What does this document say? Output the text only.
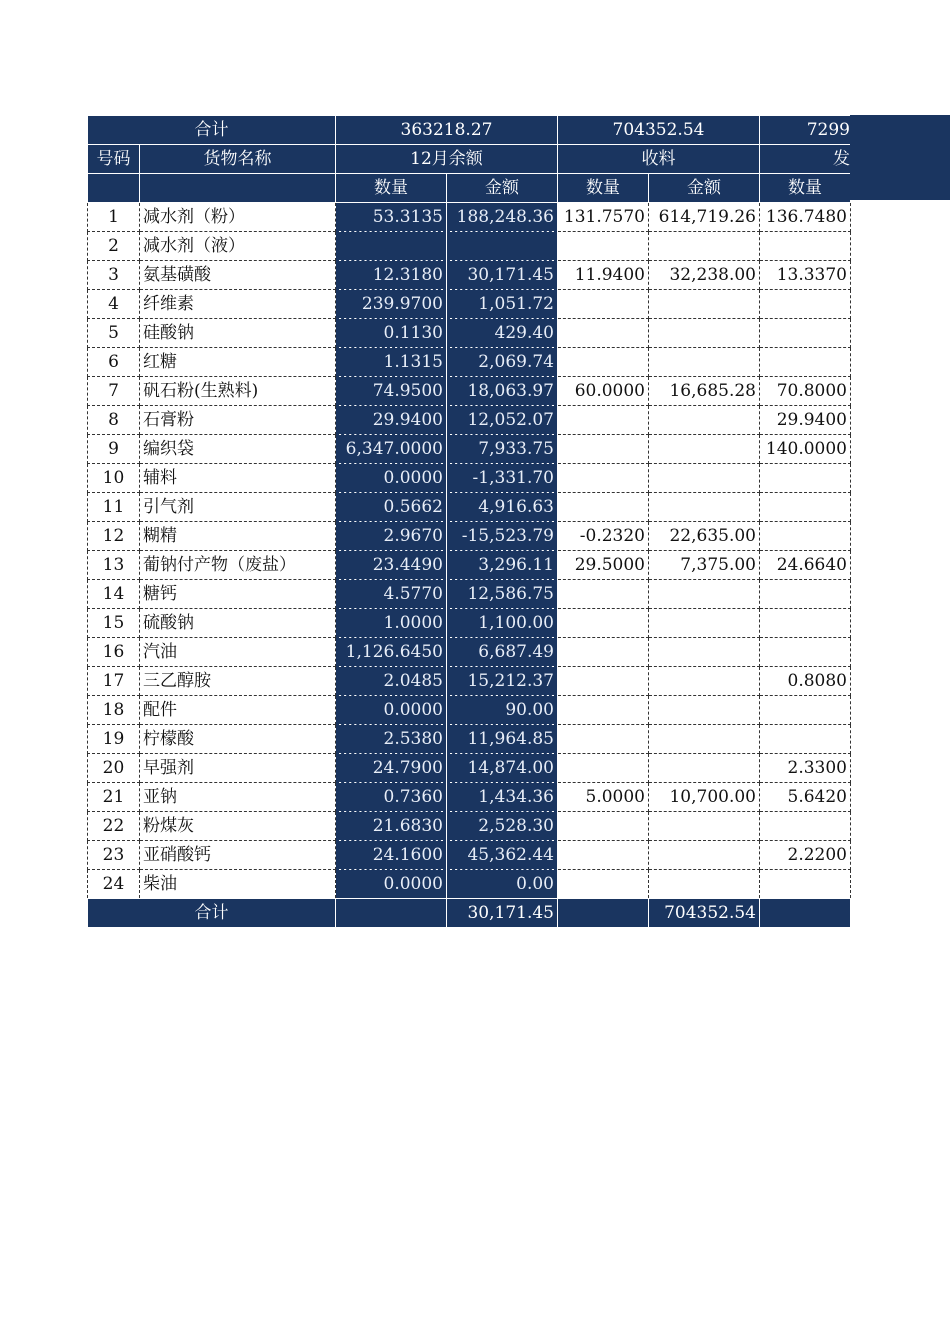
合计		363218.27		704352.54		7299
号码	货物名称	12月余额		收料		发
		数量	金额	数量	金额	数量
1	减水剂（粉）	53.3135	188,248.36	131.7570	614,719.26	136.7480
2	减水剂（液）					
3	氨基磺酸	12.3180	30,171.45	11.9400	32,238.00	13.3370
4	纤维素	239.9700	1,051.72			
5	硅酸钠	0.1130	429.40			
6	红糖	1.1315	2,069.74			
7	矾石粉(生熟料)	74.9500	18,063.97	60.0000	16,685.28	70.8000
8	石膏粉	29.9400	12,052.07			29.9400
9	编织袋	6,347.0000	7,933.75			140.0000
10	辅料	0.0000	-1,331.70			
11	引气剂	0.5662	4,916.63			
12	糊精	2.9670	-15,523.79	-0.2320	22,635.00	
13	葡钠付产物（废盐）	23.4490	3,296.11	29.5000	7,375.00	24.6640
14	糖钙	4.5770	12,586.75			
15	硫酸钠	1.0000	1,100.00			
16	汽油	1,126.6450	6,687.49			
17	三乙醇胺	2.0485	15,212.37			0.8080
18	配件	0.0000	90.00			
19	柠檬酸	2.5380	11,964.85			
20	早强剂	24.7900	14,874.00			2.3300
21	亚钠	0.7360	1,434.36	5.0000	10,700.00	5.6420
22	粉煤灰	21.6830	2,528.30			
23	亚硝酸钙	24.1600	45,362.44			2.2200
24	柴油	0.0000	0.00			
合计			30,171.45		704352.54	
